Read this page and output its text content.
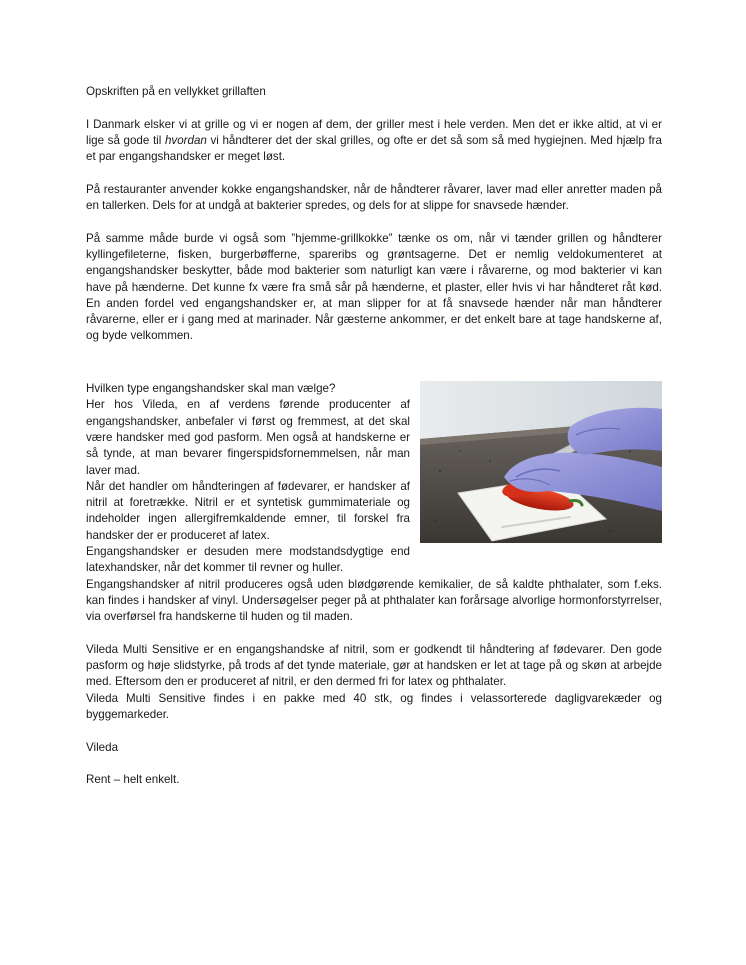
Opskriften på en vellykket grillaften

I Danmark elsker vi at grille og vi er nogen af dem, der griller mest i hele verden. Men det er ikke altid, at vi er lige så gode til hvordan vi håndterer det der skal grilles, og ofte er det så som så med hygiejnen. Med hjælp fra et par engangshandsker er meget løst.

På restauranter anvender kokke engangshandsker, når de håndterer råvarer, laver mad eller anretter maden på en tallerken. Dels for at undgå at bakterier spredes, og dels for at slippe for snavsede hænder.

På samme måde burde vi også som ”hjemme-grillkokke” tænke os om, når vi tænder grillen og håndterer kyllingefileterne, fisken, burgerbøfferne, spareribs og grøntsagerne. Det er nemlig veldokumenteret at engangshandsker beskytter, både mod bakterier som naturligt kan være i råvarerne, og mod bakterier vi kan have på hænderne. Det kunne fx være fra små sår på hænderne, et plaster, eller hvis vi har håndteret råt kød. En anden fordel ved engangshandsker er, at man slipper for at få snavsede hænder når man håndterer råvarerne, eller er i gang med at marinader. Når gæsterne ankommer, er det enkelt bare at tage handskerne af, og byde velkommen.

Hvilken type engangshandsker skal man vælge?

Her hos Vileda, en af verdens førende producenter af engangshandsker, anbefaler vi først og fremmest, at det skal være handsker med god pasform. Men også at handskerne er så tynde, at man bevarer fingerspidsfornemmelsen, når man laver mad.

Når det handler om håndteringen af fødevarer, er handsker af nitril at foretrække. Nitril er et syntetisk gummimateriale og indeholder ingen allergifremkaldende emner, til forskel fra handsker der er produceret af latex.

Engangshandsker er desuden mere modstandsdygtige end latexhandsker, når det kommer til revner og huller.

Engangshandsker af nitril produceres også uden blødgørende kemikalier, de så kaldte phthalater, som f.eks. kan findes i handsker af vinyl. Undersøgelser peger på at phthalater kan forårsage alvorlige hormonforstyrrelser, via overførsel fra handskerne til huden og til maden.

Vileda Multi Sensitive er en engangshandske af nitril, som er godkendt til håndtering af fødevarer. Den gode pasform og høje slidstyrke, på trods af det tynde materiale, gør at handsken er let at tage på og skøn at arbejde med. Eftersom den er produceret af nitril, er den dermed fri for latex og phthalater.

Vileda Multi Sensitive findes i en pakke med 40 stk, og findes i velassorterede dagligvarekæder og byggemarkeder.

Vileda

Rent – helt enkelt.
